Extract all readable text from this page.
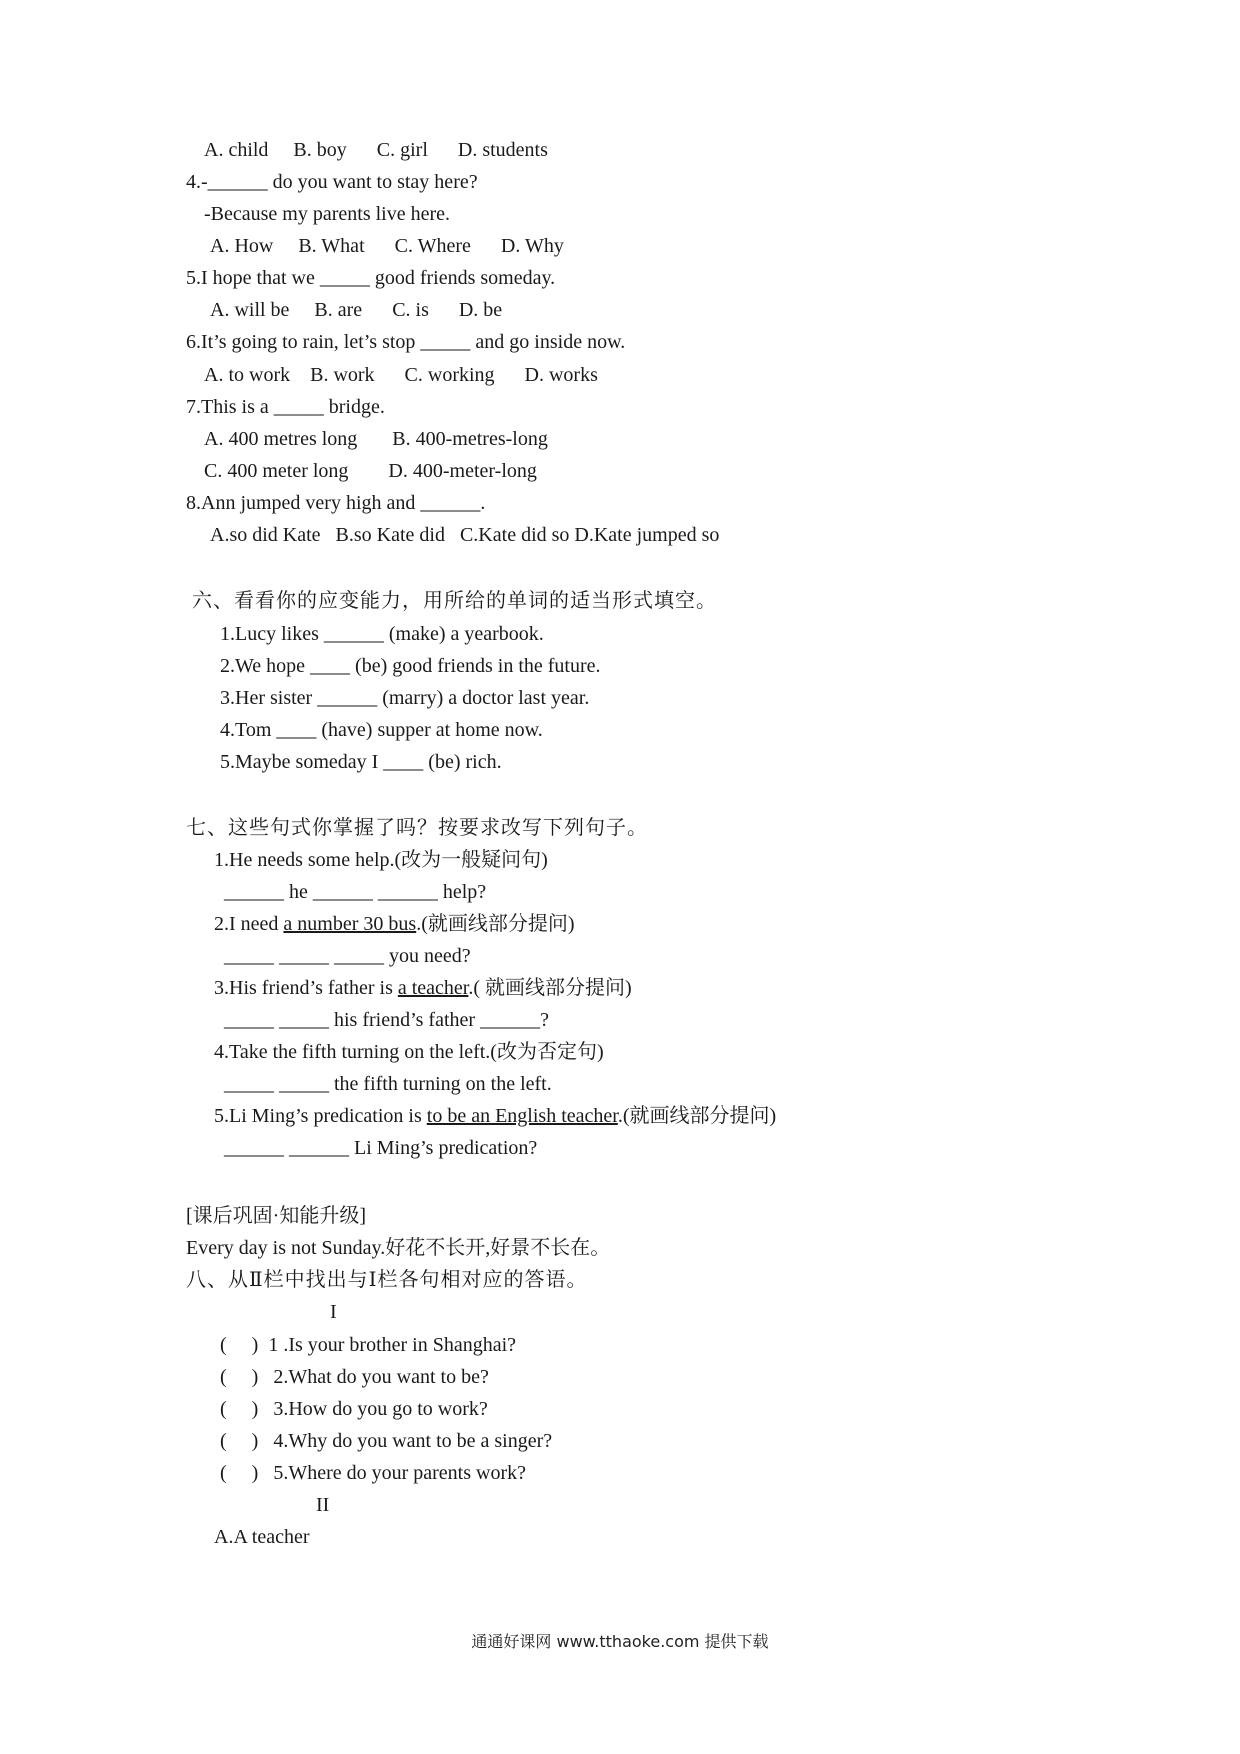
A. child     B. boy      C. girl      D. students
4.-______ do you want to stay here?
-Because my parents live here.
A. How     B. What      C. Where      D. Why
5.I hope that we _____ good friends someday.
A. will be     B. are      C. is      D. be
6.It’s going to rain, let’s stop _____ and go inside now.
A. to work    B. work      C. working      D. works
7.This is a _____ bridge.
A. 400 metres long       B. 400-metres-long
C. 400 meter long        D. 400-meter-long
8.Ann jumped very high and ______.
A.so did Kate   B.so Kate did   C.Kate did so D.Kate jumped so
六、看看你的应变能力，用所给的单词的适当形式填空。
1.Lucy likes ______ (make) a yearbook.
2.We hope ____ (be) good friends in the future.
3.Her sister ______ (marry) a doctor last year.
4.Tom ____ (have) supper at home now.
5.Maybe someday I ____ (be) rich.
七、这些句式你掌握了吗？按要求改写下列句子。
1.He needs some help.(改为一般疑问句)
______ he ______ ______ help?
2.I need a number 30 bus.(就画线部分提问)
_____ _____ _____ you need?
3.His friend’s father is a teacher.( 就画线部分提问)
_____ _____ his friend’s father ______?
4.Take the fifth turning on the left.(改为否定句)
_____ _____ the fifth turning on the left.
5.Li Ming’s predication is to be an English teacher.(就画线部分提问)
______ ______ Li Ming’s predication?
[课后巩固·知能升级]
Every day is not Sunday.好花不长开,好景不长在。
八、从Ⅱ栏中找出与Ⅰ栏各句相对应的答语。
I
(     )  1 .Is your brother in Shanghai?
(     )   2.What do you want to be?
(     )   3.How do you go to work?
(     )   4.Why do you want to be a singer?
(     )   5.Where do your parents work?
II
A.A teacher
通通好课网 www.tthaoke.com 提供下载
